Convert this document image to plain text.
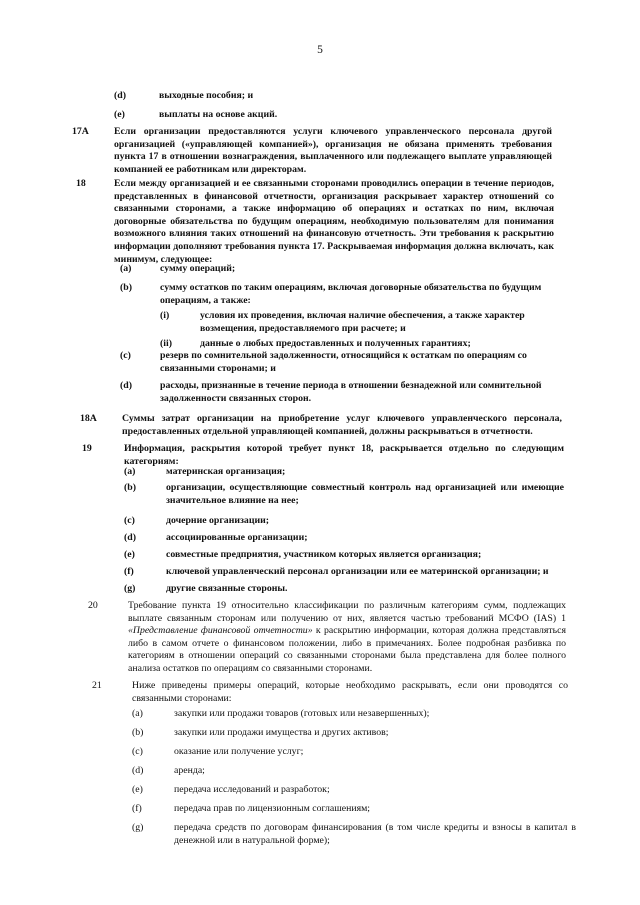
5
(d)	выходные пособия; и
(e)	выплаты на основе акций.
17A	Если организации предоставляются услуги ключевого управленческого персонала другой организацией («управляющей компанией»), организация не обязана применять требования пункта 17 в отношении вознаграждения, выплаченного или подлежащего выплате управляющей компанией ее работникам или директорам.
18	Если между организацией и ее связанными сторонами проводились операции в течение периодов, представленных в финансовой отчетности, организация раскрывает характер отношений со связанными сторонами, а также информацию об операциях и остатках по ним, включая договорные обязательства по будущим операциям, необходимую пользователям для понимания возможного влияния таких отношений на финансовую отчетность. Эти требования к раскрытию информации дополняют требования пункта 17. Раскрываемая информация должна включать, как минимум, следующее:
(a)	сумму операций;
(b)	сумму остатков по таким операциям, включая договорные обязательства по будущим операциям, а также:
(i)	условия их проведения, включая наличие обеспечения, а также характер возмещения, предоставляемого при расчете; и
(ii)	данные о любых предоставленных и полученных гарантиях;
(c)	резерв по сомнительной задолженности, относящийся к остаткам по операциям со связанными сторонами; и
(d)	расходы, признанные в течение периода в отношении безнадежной или сомнительной задолженности связанных сторон.
18A	Суммы затрат организации на приобретение услуг ключевого управленческого персонала, предоставленных отдельной управляющей компанией, должны раскрываться в отчетности.
19	Информация, раскрытия которой требует пункт 18, раскрывается отдельно по следующим категориям:
(a)	материнская организация;
(b)	организации, осуществляющие совместный контроль над организацией или имеющие значительное влияние на нее;
(c)	дочерние организации;
(d)	ассоциированные организации;
(e)	совместные предприятия, участником которых является организация;
(f)	ключевой управленческий персонал организации или ее материнской организации; и
(g)	другие связанные стороны.
20	Требование пункта 19 относительно классификации по различным категориям сумм, подлежащих выплате связанным сторонам или получению от них, является частью требований МСФО (IAS) 1 «Представление финансовой отчетности» к раскрытию информации, которая должна представляться либо в самом отчете о финансовом положении, либо в примечаниях. Более подробная разбивка по категориям в отношении операций со связанными сторонами была представлена для более полного анализа остатков по операциям со связанными сторонами.
21	Ниже приведены примеры операций, которые необходимо раскрывать, если они проводятся со связанными сторонами:
(a)	закупки или продажи товаров (готовых или незавершенных);
(b)	закупки или продажи имущества и других активов;
(c)	оказание или получение услуг;
(d)	аренда;
(e)	передача исследований и разработок;
(f)	передача прав по лицензионным соглашениям;
(g)	передача средств по договорам финансирования (в том числе кредиты и взносы в капитал в денежной или в натуральной форме);
